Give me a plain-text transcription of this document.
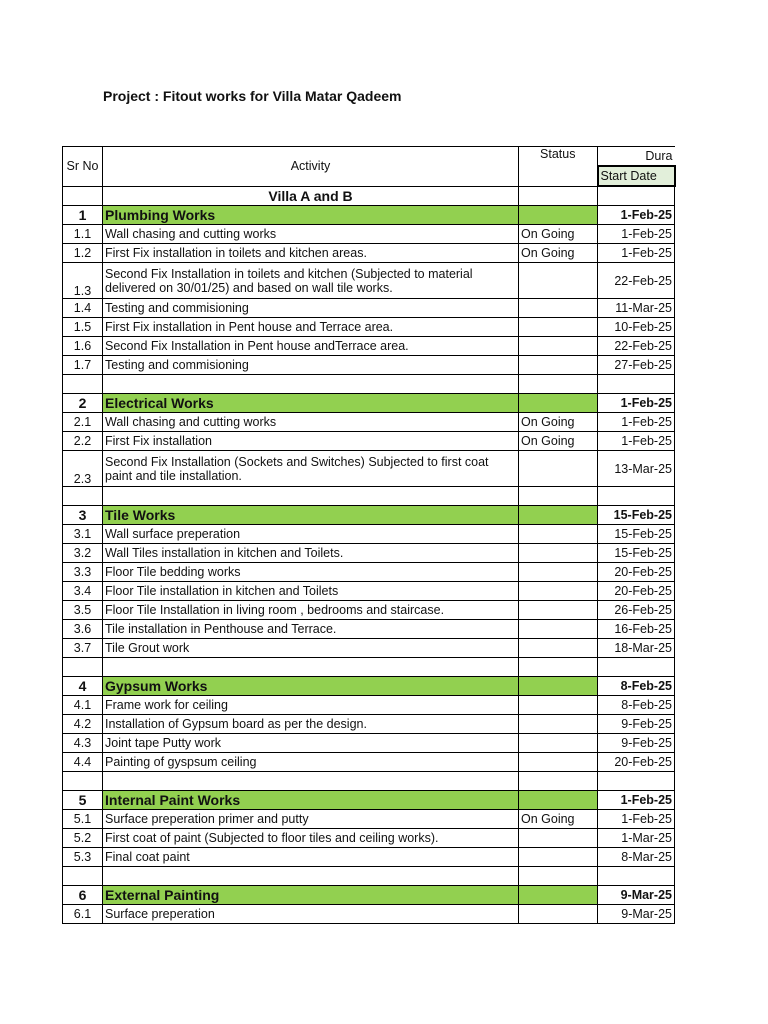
Project : Fitout works for Villa Matar Qadeem
Sr No	Activity	Status	Dura
			Start Date
	Villa A and B		
1	Plumbing Works		1-Feb-25
1.1	Wall chasing and cutting works	On Going	1-Feb-25
1.2	First Fix installation in toilets and kitchen areas.	On Going	1-Feb-25
1.3	Second Fix Installation in toilets and kitchen (Subjected to material delivered on 30/01/25) and based on wall tile works.		22-Feb-25
1.4	Testing and commisioning		11-Mar-25
1.5	First Fix installation in Pent house and Terrace area.		10-Feb-25
1.6	Second Fix Installation in Pent house andTerrace area.		22-Feb-25
1.7	Testing and commisioning		27-Feb-25

2	Electrical Works		1-Feb-25
2.1	Wall chasing and cutting works	On Going	1-Feb-25
2.2	First Fix installation	On Going	1-Feb-25
2.3	Second Fix Installation (Sockets and Switches) Subjected to first coat paint and tile installation.		13-Mar-25

3	Tile Works		15-Feb-25
3.1	Wall surface preperation		15-Feb-25
3.2	Wall Tiles installation in kitchen and Toilets.		15-Feb-25
3.3	Floor Tile bedding works		20-Feb-25
3.4	Floor Tile installation in kitchen and Toilets		20-Feb-25
3.5	Floor Tile Installation in living room , bedrooms and staircase.		26-Feb-25
3.6	Tile installation in Penthouse and Terrace.		16-Feb-25
3.7	Tile Grout work		18-Mar-25

4	Gypsum Works		8-Feb-25
4.1	Frame work for ceiling		8-Feb-25
4.2	Installation of Gypsum board as per the design.		9-Feb-25
4.3	Joint tape Putty work		9-Feb-25
4.4	Painting of gyspsum ceiling		20-Feb-25

5	Internal Paint Works		1-Feb-25
5.1	Surface preperation primer and putty	On Going	1-Feb-25
5.2	First coat of paint (Subjected to floor tiles and ceiling works).		1-Mar-25
5.3	Final coat paint		8-Mar-25

6	External Painting		9-Mar-25
6.1	Surface preperation		9-Mar-25
